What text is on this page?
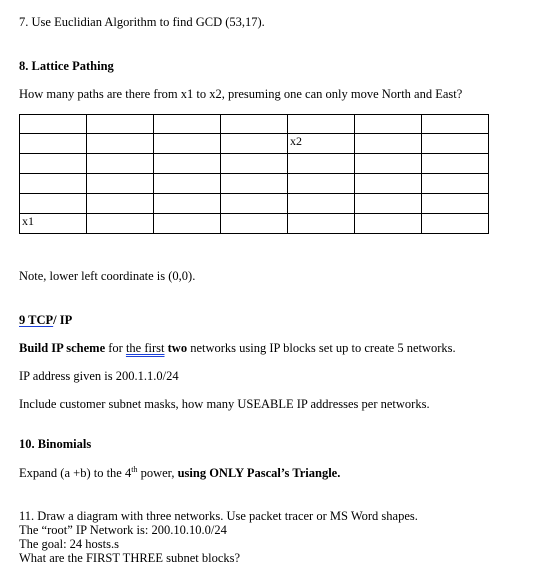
7. Use Euclidian Algorithm to find GCD (53,17).
8. Lattice Pathing
How many paths are there from x1 to x2, presuming one can only move North and East?

				x2		

x1						
Note, lower left coordinate is (0,0).
9 TCP/ IP
Build IP scheme for the first two networks using IP blocks set up to create 5 networks.
IP address given is 200.1.1.0/24
Include customer subnet masks, how many USEABLE IP addresses per networks.
10. Binomials
Expand (a +b) to the 4th power, using ONLY Pascal’s Triangle.
11. Draw a diagram with three networks. Use packet tracer or MS Word shapes.
The “root” IP Network is: 200.10.10.0/24
The goal: 24 hosts.s
What are the FIRST THREE subnet blocks?
